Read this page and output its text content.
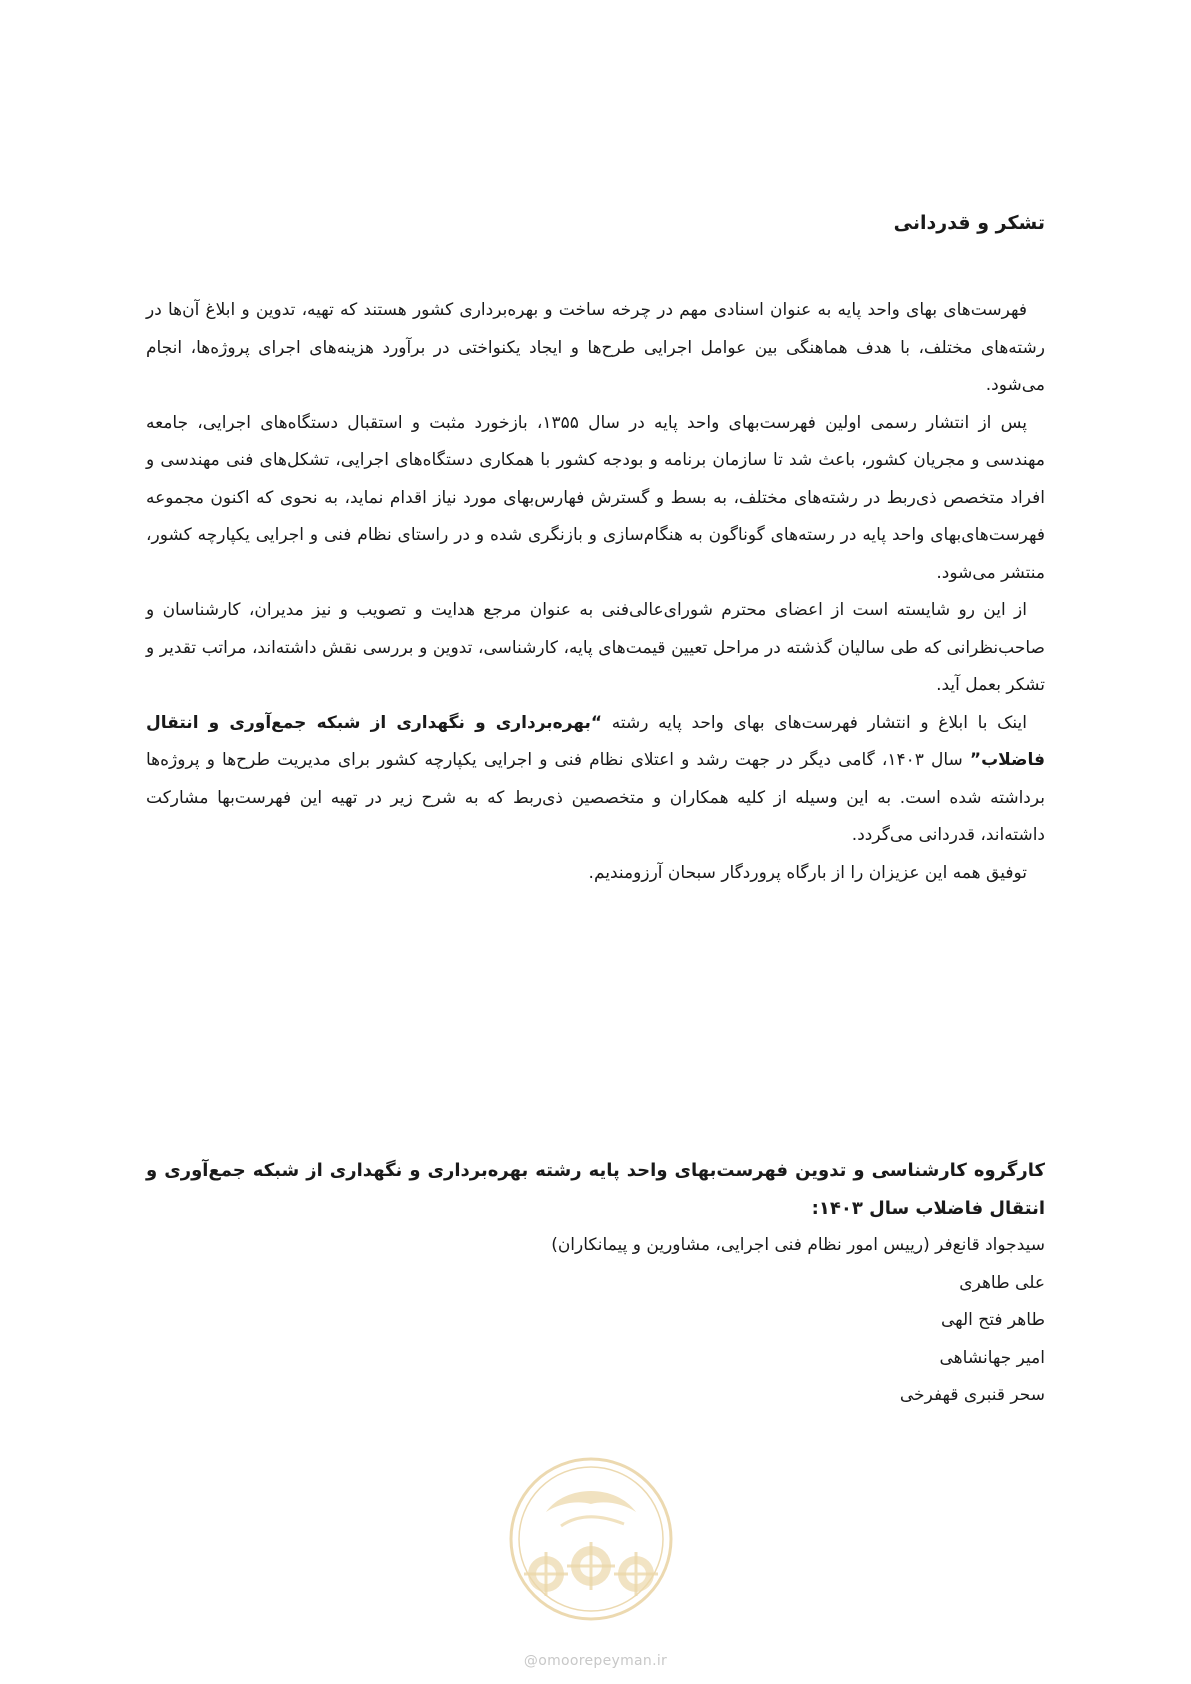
تشکر و قدردانی

فهرست‌های بهای واحد پایه به عنوان اسنادی مهم در چرخه ساخت و بهره‌برداری کشور هستند که تهیه، تدوین و ابلاغ آن‌ها در رشته‌های مختلف، با هدف هماهنگی بین عوامل اجرایی طرح‌ها و ایجاد یکنواختی در برآورد هزینه‌های اجرای پروژه‌ها، انجام می‌شود.

پس از انتشار رسمی اولین فهرست‌بهای واحد پایه در سال ۱۳۵۵، بازخورد مثبت و استقبال دستگاه‌های اجرایی، جامعه مهندسی و مجریان کشور، باعث شد تا سازمان برنامه و بودجه کشور با همکاری دستگاه‌های اجرایی، تشکل‌های فنی مهندسی و افراد متخصص ذی‌ربط در رشته‌های مختلف، به بسط و گسترش فهارس‌بهای مورد نیاز اقدام نماید، به نحوی که اکنون مجموعه فهرست‌های‌بهای واحد پایه در رسته‌های گوناگون به هنگام‌سازی و بازنگری شده و در راستای نظام فنی و اجرایی یکپارچه کشور، منتشر می‌شود.

از این رو شایسته است از اعضای محترم شورای‌عالی‌فنی به عنوان مرجع هدایت و تصویب و نیز مدیران، کارشناسان و صاحب‌نظرانی که طی سالیان گذشته در مراحل تعیین قیمت‌های پایه، کارشناسی، تدوین و بررسی نقش داشته‌اند، مراتب تقدیر و تشکر بعمل آید.

اینک با ابلاغ و انتشار فهرست‌های بهای واحد پایه رشته “بهره‌برداری و نگهداری از شبکه جمع‌آوری و انتقال فاضلاب” سال ۱۴۰۳، گامی دیگر در جهت رشد و اعتلای نظام فنی و اجرایی یکپارچه کشور برای مدیریت طرح‌ها و پروژه‌ها برداشته شده است. به این وسیله از کلیه همکاران و متخصصین ذی‌ربط که به شرح زیر در تهیه این فهرست‌بها مشارکت داشته‌اند، قدردانی می‌گردد.

توفیق همه این عزیزان را از بارگاه پروردگار سبحان آرزومندیم.

کارگروه کارشناسی و تدوین فهرست‌بهای واحد پایه رشته بهره‌برداری و نگهداری از شبکه جمع‌آوری و انتقال فاضلاب سال ۱۴۰۳:
سیدجواد قانع‌فر (رییس امور نظام فنی اجرایی، مشاورین و پیمانکاران)
علی طاهری
طاهر فتح الهی
امیر جهانشاهی
سحر قنبری قهفرخی
@omoorepeyman.ir
